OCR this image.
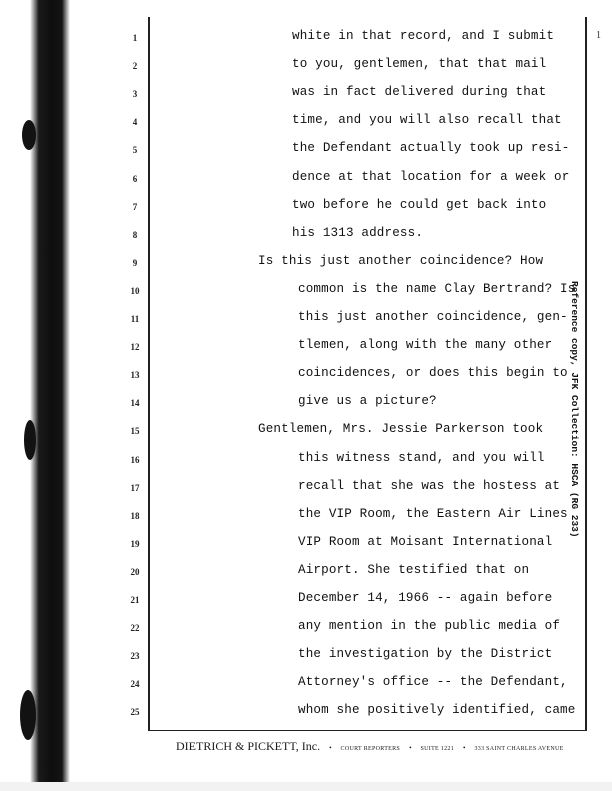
1
1
2
3
4
5
6
7
8
9
10
11
12
13
14
15
16
17
18
19
20
21
22
23
24
25
white in that record, and I submit
to you, gentlemen, that that mail
was in fact delivered during that
time, and you will also recall that
the Defendant actually took up resi-
dence at that location for a week or
two before he could get back into
his 1313 address.
Is this just another coincidence? How
common is the name Clay Bertrand? Is
this just another coincidence, gen-
tlemen, along with the many other
coincidences, or does this begin to
give us a picture?
Gentlemen, Mrs. Jessie Parkerson took
this witness stand, and you will
recall that she was the hostess at
the VIP Room, the Eastern Air Lines
VIP Room at Moisant International
Airport. She testified that on
December 14, 1966 -- again before
any mention in the public media of
the investigation by the District
Attorney's office -- the Defendant,
whom she positively identified, came
Reference copy, JFK Collection: HSCA (RG 233)
DIETRICH & PICKETT, Inc. • COURT REPORTERS • SUITE 1221 • 333 SAINT CHARLES AVENUE
